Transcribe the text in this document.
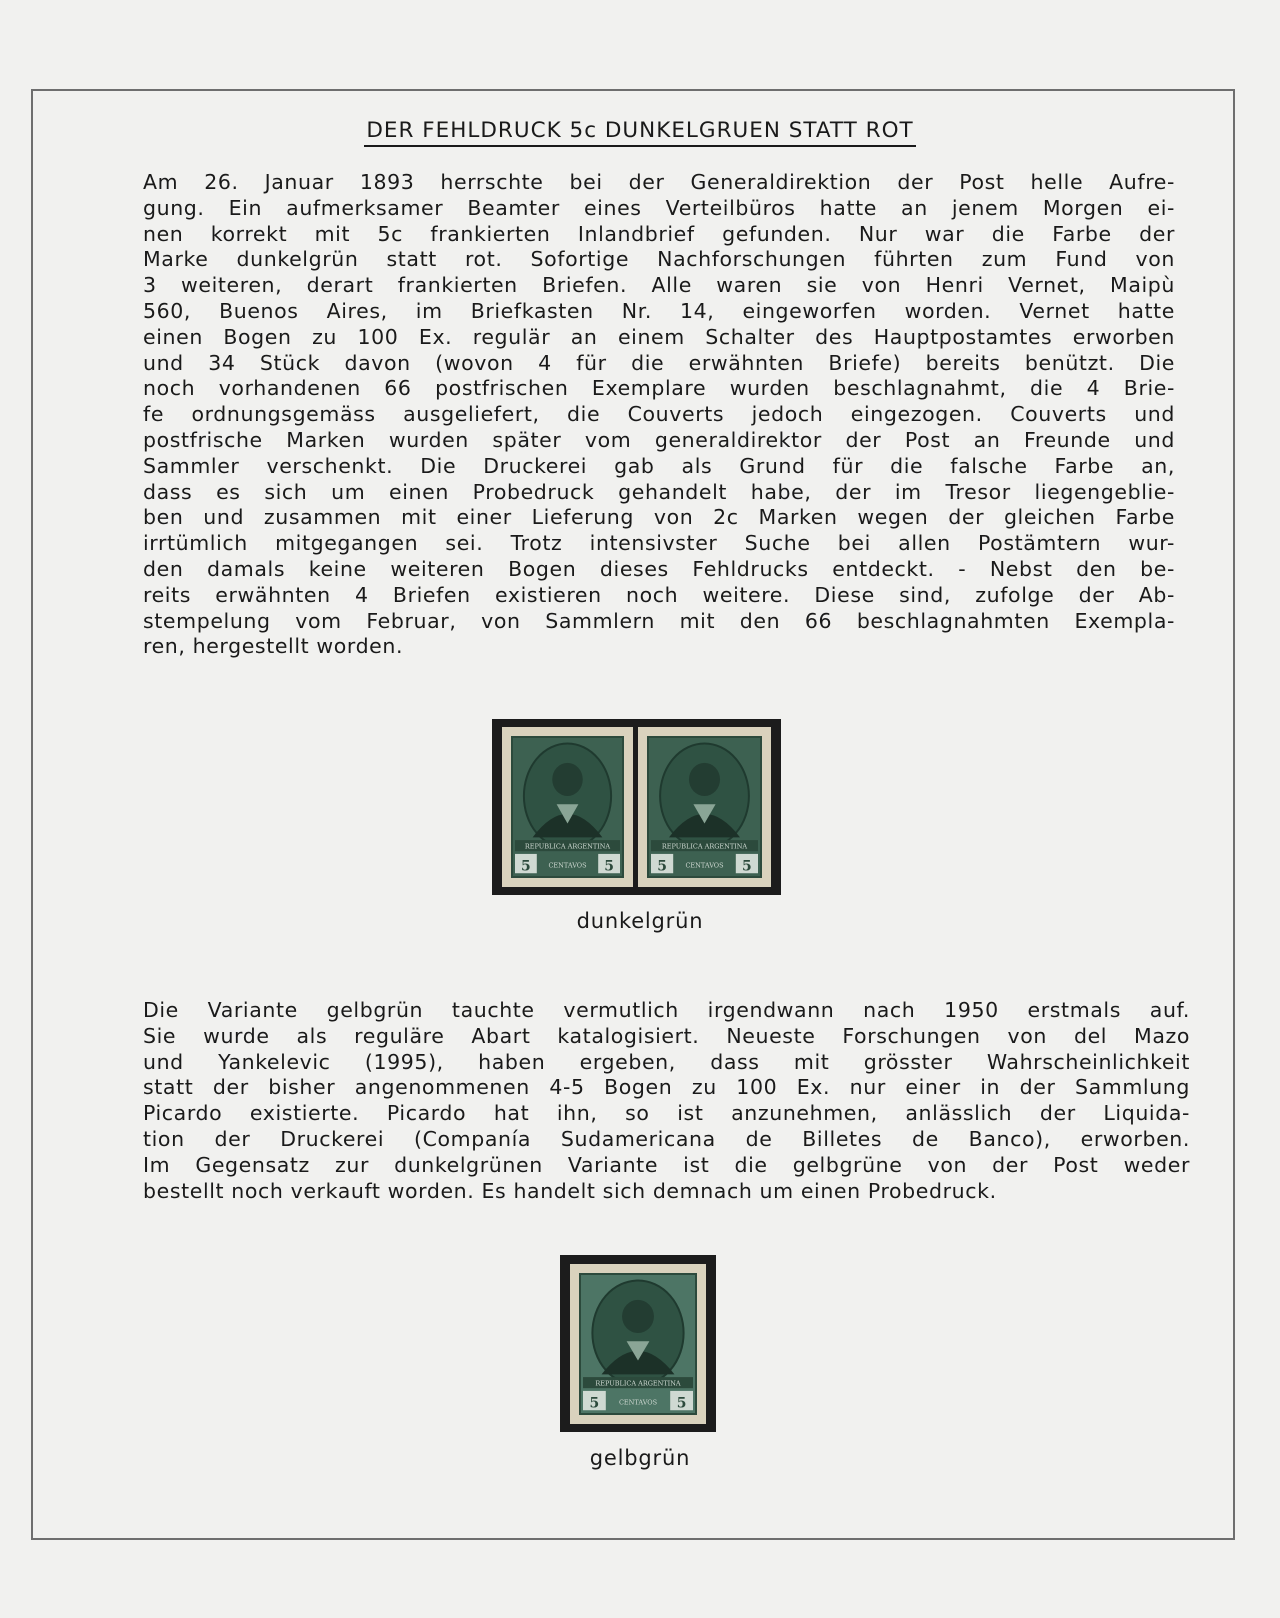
DER FEHLDRUCK 5c DUNKELGRUEN STATT ROT
Am 26. Januar 1893 herrschte bei der Generaldirektion der Post helle Aufre-
gung. Ein aufmerksamer Beamter eines Verteilbüros hatte an jenem Morgen ei-
nen korrekt mit 5c frankierten Inlandbrief gefunden. Nur war die Farbe der
Marke dunkelgrün statt rot. Sofortige Nachforschungen führten zum Fund von
3 weiteren, derart frankierten Briefen. Alle waren sie von Henri Vernet, Maipù
560, Buenos Aires, im Briefkasten Nr. 14, eingeworfen worden. Vernet hatte
einen Bogen zu 100 Ex. regulär an einem Schalter des Hauptpostamtes erworben
und 34 Stück davon (wovon 4 für die erwähnten Briefe) bereits benützt. Die
noch vorhandenen 66 postfrischen Exemplare wurden beschlagnahmt, die 4 Brie-
fe ordnungsgemäss ausgeliefert, die Couverts jedoch eingezogen. Couverts und
postfrische Marken wurden später vom generaldirektor der Post an Freunde und
Sammler verschenkt. Die Druckerei gab als Grund für die falsche Farbe an,
dass es sich um einen Probedruck gehandelt habe, der im Tresor liegengeblie-
ben und zusammen mit einer Lieferung von 2c Marken wegen der gleichen Farbe
irrtümlich mitgegangen sei. Trotz intensivster Suche bei allen Postämtern wur-
den damals keine weiteren Bogen dieses Fehldrucks entdeckt. - Nebst den be-
reits erwähnten 4 Briefen existieren noch weitere. Diese sind, zufolge der Ab-
stempelung vom Februar, von Sammlern mit den 66 beschlagnahmten Exempla-
ren, hergestellt worden.
REPUBLICA ARGENTINA
5	5
CENTAVOS
REPUBLICA ARGENTINA
5	5
CENTAVOS
dunkelgrün
Die Variante gelbgrün tauchte vermutlich irgendwann nach 1950 erstmals auf.
Sie wurde als reguläre Abart katalogisiert. Neueste Forschungen von del Mazo
und Yankelevic (1995), haben ergeben, dass mit grösster Wahrscheinlichkeit
statt der bisher angenommenen 4-5 Bogen zu 100 Ex. nur einer in der Sammlung
Picardo existierte. Picardo hat ihn, so ist anzunehmen, anlässlich der Liquida-
tion der Druckerei (Companía Sudamericana de Billetes de Banco), erworben.
Im Gegensatz zur dunkelgrünen Variante ist die gelbgrüne von der Post weder
bestellt noch verkauft worden. Es handelt sich demnach um einen Probedruck.
REPUBLICA ARGENTINA
5	5
CENTAVOS
gelbgrün
